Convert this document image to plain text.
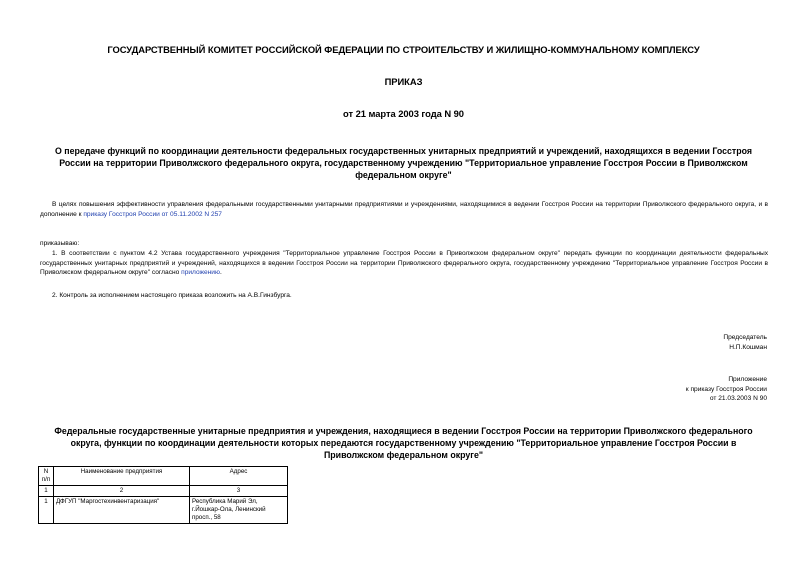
ГОСУДАРСТВЕННЫЙ КОМИТЕТ РОССИЙСКОЙ ФЕДЕРАЦИИ ПО СТРОИТЕЛЬСТВУ И ЖИЛИЩНО-КОММУНАЛЬНОМУ КОМПЛЕКСУ
ПРИКАЗ
от 21 марта 2003 года N 90
О передаче функций по координации деятельности федеральных государственных унитарных предприятий и учреждений, находящихся в ведении Госстроя России на территории Приволжского федерального округа, государственному учреждению "Территориальное управление Госстроя России в Приволжском федеральном округе"
В целях повышения эффективности управления федеральными государственными унитарными предприятиями и учреждениями, находящимися в ведении Госстроя России на территории Приволжского федерального округа, и в дополнение к приказу Госстроя России от 05.11.2002 N 257
приказываю:
1. В соответствии с пунктом 4.2 Устава государственного учреждения "Территориальное управление Госстроя России в Приволжском федеральном округе" передать функции по координации деятельности федеральных государственных унитарных предприятий и учреждений, находящихся в ведении Госстроя России на территории Приволжского федерального округа, государственному учреждению "Территориальное управление Госстроя России в Приволжском федеральном округе" согласно приложению.
2. Контроль за исполнением настоящего приказа возложить на А.В.Гинзбурга.
Председатель
Н.П.Кошман
Приложение
к приказу Госстроя России
от 21.03.2003 N 90
Федеральные государственные унитарные предприятия и учреждения, находящиеся в ведении Госстроя России на территории Приволжского федерального округа, функции по координации деятельности которых передаются государственному учреждению "Территориальное управление Госстроя России в Приволжском федеральном округе"
N
п/п	Наименование предприятия	Адрес
1	2	3
1	ДФГУП "Маргостехинвентаризация"	Республика Марий Эл, г.Йошкар-Ола, Ленинский просп., 58
